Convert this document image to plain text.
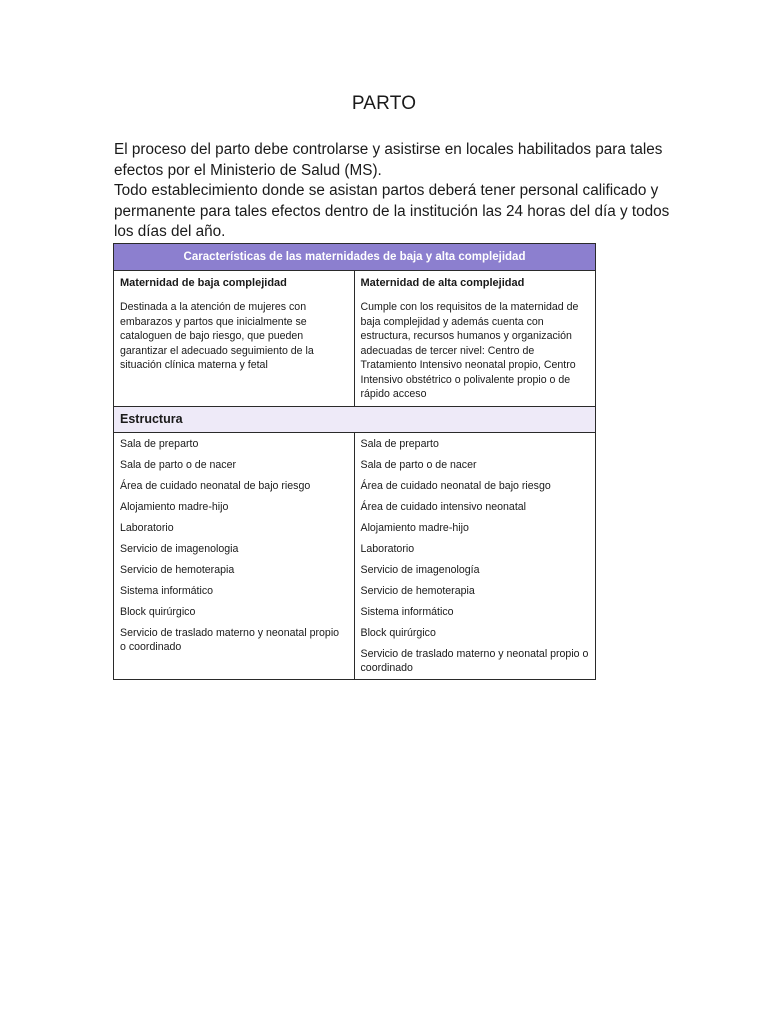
PARTO

El proceso del parto debe controlarse y asistirse en locales habilitados para tales efectos por el Ministerio de Salud (MS).

Todo establecimiento donde se asistan partos deberá tener personal calificado y permanente para tales efectos dentro de la institución las 24 horas del día y todos los días del año.

Características de las maternidades de baja y alta complejidad
Maternidad de baja complejidad	Maternidad de alta complejidad
Destinada a la atención de mujeres con embarazos y partos que inicialmente se cataloguen de bajo riesgo, que pueden garantizar el adecuado seguimiento de la situación clínica materna y fetal
Cumple con los requisitos de la maternidad de baja complejidad y además cuenta con estructura, recursos humanos y organización adecuadas de tercer nivel: Centro de Tratamiento Intensivo neonatal propio, Centro Intensivo obstétrico o polivalente propio o de rápido acceso
Estructura
Sala de preparto
Sala de parto o de nacer
Área de cuidado neonatal de bajo riesgo
Alojamiento madre-hijo
Laboratorio
Servicio de imagenologia
Servicio de hemoterapia
Sistema informático
Block quirúrgico
Servicio de traslado materno y neonatal propio o coordinado
Sala de preparto
Sala de parto o de nacer
Área de cuidado neonatal de bajo riesgo
Área de cuidado intensivo neonatal
Alojamiento madre-hijo
Laboratorio
Servicio de imagenología
Servicio de hemoterapia
Sistema informático
Block quirúrgico
Servicio de traslado materno y neonatal propio o coordinado
